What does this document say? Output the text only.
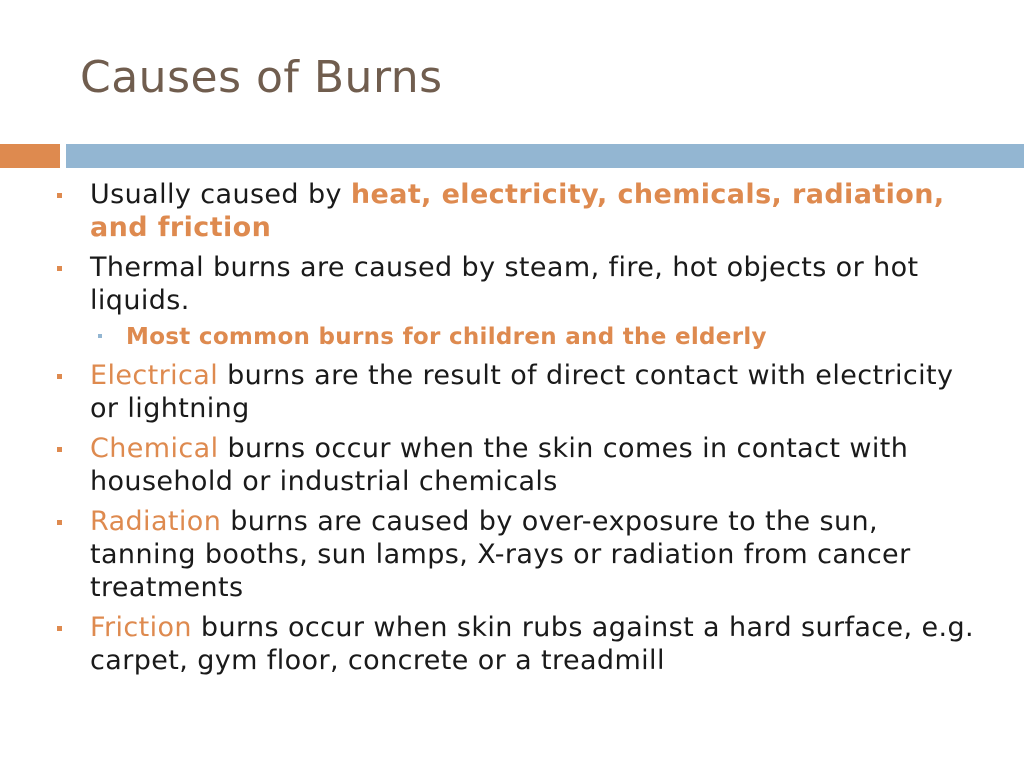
Causes of Burns
Usually caused by heat, electricity, chemicals, radiation, and friction
Thermal burns are caused by steam, fire, hot objects or hot liquids.
Most common burns for children and the elderly
Electrical burns are the result of direct contact with electricity or lightning
Chemical burns occur when the skin comes in contact with household or industrial chemicals
Radiation burns are caused by over-exposure to the sun, tanning booths, sun lamps, X-rays or radiation from cancer treatments
Friction burns occur when skin rubs against a hard surface, e.g. carpet, gym floor, concrete or a treadmill
